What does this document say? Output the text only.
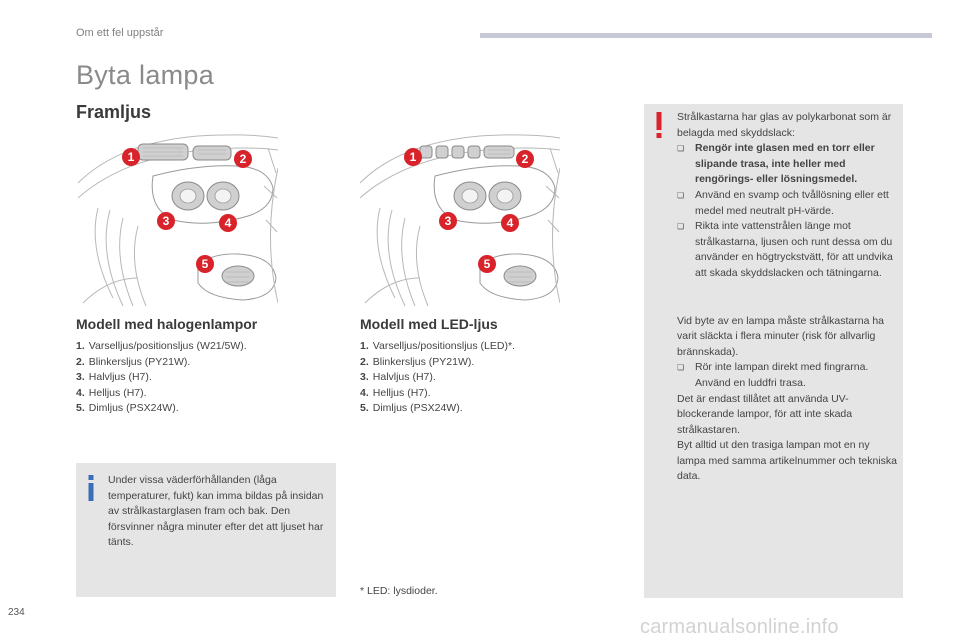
Om ett fel uppstår
Byta lampa
Framljus
1	2
3	4
5
1	2
3	4
5
Modell med halogenlampor
1. Varselljus/positionsljus (W21/5W).
2. Blinkersljus (PY21W).
3. Halvljus (H7).
4. Helljus (H7).
5. Dimljus (PSX24W).
Modell med LED-ljus
1. Varselljus/positionsljus (LED)*.
2. Blinkersljus (PY21W).
3. Halvljus (H7).
4. Helljus (H7).
5. Dimljus (PSX24W).

Under vissa väderförhållanden (låga temperaturer, fukt) kan imma bildas på insidan av strålkastarglasen fram och bak. Den försvinner några minuter efter det att ljuset har tänts.

* LED: lysdioder.

Strålkastarna har glas av polykarbonat som är belagda med skyddslack:

❏	Rengör inte glasen med en torr eller slipande trasa, inte heller med rengörings- eller lösningsmedel.
❏	Använd en svamp och tvållösning eller ett medel med neutralt pH-värde.
❏	Rikta inte vattenstrålen länge mot strålkastarna, ljusen och runt dessa om du använder en högtryckstvätt, för att undvika att skada skyddslacken och tätningarna.

Vid byte av en lampa måste strålkastarna ha varit släckta i flera minuter (risk för allvarlig brännskada).

❏	Rör inte lampan direkt med fingrarna. Använd en luddfri trasa.

Det är endast tillåtet att använda UV-blockerande lampor, för att inte skada strålkastaren.

Byt alltid ut den trasiga lampan mot en ny lampa med samma artikelnummer och tekniska data.

234
carmanualsonline.info
